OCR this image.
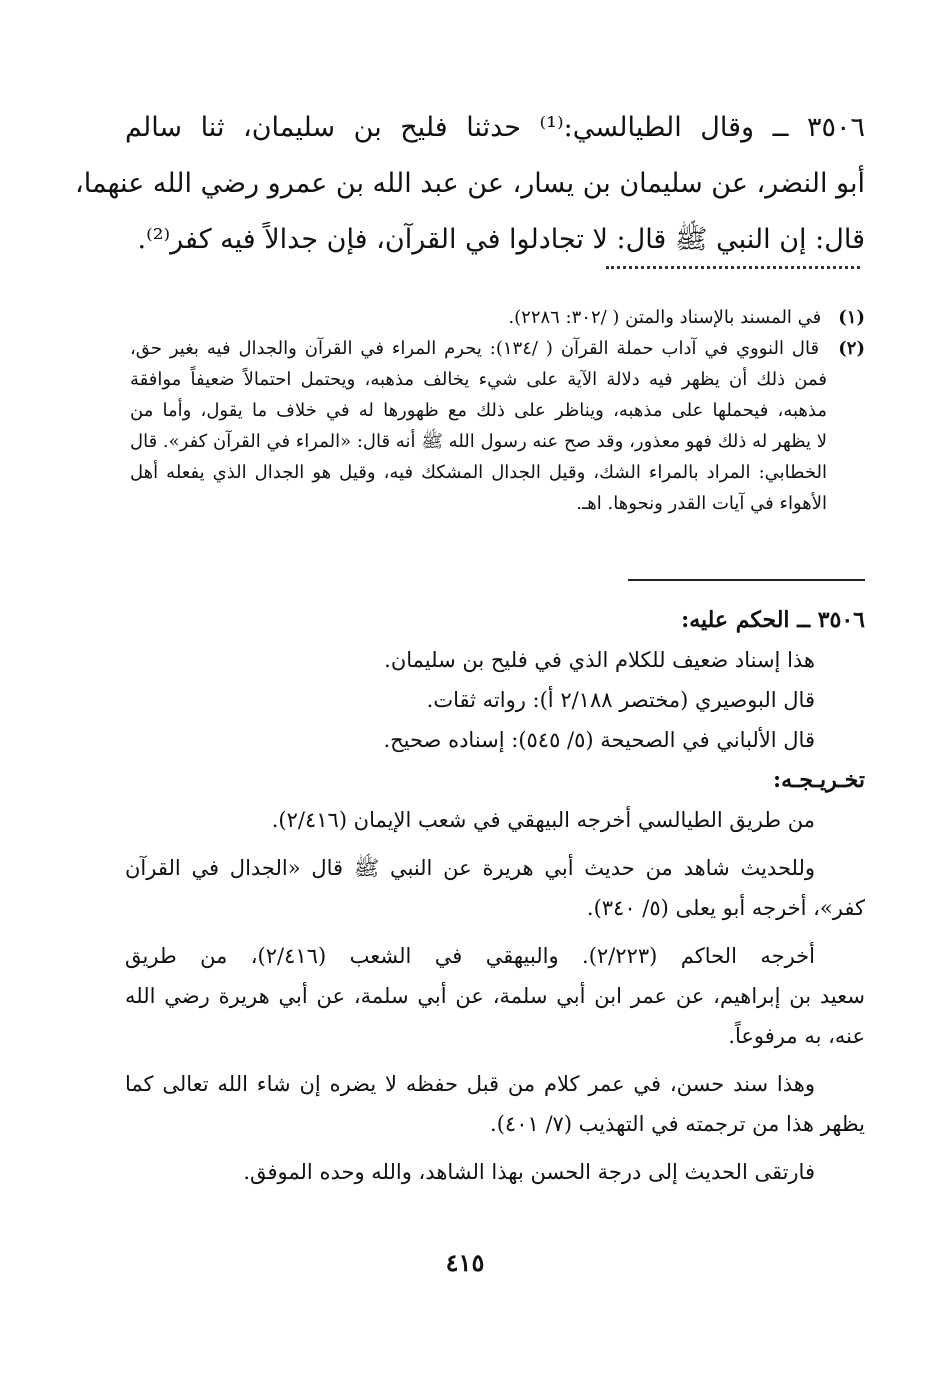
٣٥٠٦ ــ وقال الطيالسي:⁽¹⁾ حدثنا فليح بن سليمان، ثنا سالم

أبو النضر، عن سليمان بن يسار، عن عبد الله بن عمرو رضي الله عنهما،

قال: إن النبي ﷺ قال: لا تجادلوا في القرآن، فإن جدالاً فيه كفر⁽²⁾.

(١) في المسند بالإسناد والمتن ( /٣٠٢: ٢٢٨٦).

(٢) قال النووي في آداب حملة القرآن ( /١٣٤): يحرم المراء في القرآن والجدال فيه بغير حق،

فمن ذلك أن يظهر فيه دلالة الآية على شيء يخالف مذهبه، ويحتمل احتمالاً ضعيفاً موافقة

مذهبه، فيحملها على مذهبه، ويناظر على ذلك مع ظهورها له في خلاف ما يقول، وأما من

لا يظهر له ذلك فهو معذور، وقد صح عنه رسول الله ﷺ أنه قال: «المراء في القرآن كفر». قال

الخطابي: المراد بالمراء الشك، وقيل الجدال المشكك فيه، وقيل هو الجدال الذي يفعله أهل

الأهواء في آيات القدر ونحوها. اهـ.

٣٥٠٦ ــ الحكم عليه:

هذا إسناد ضعيف للكلام الذي في فليح بن سليمان.

قال البوصيري (مختصر ٢/١٨٨ أ): رواته ثقات.

قال الألباني في الصحيحة (٥/ ٥٤٥): إسناده صحيح.

تخـريـجـه:

من طريق الطيالسي أخرجه البيهقي في شعب الإيمان (٢/٤١٦).

وللحديث شاهد من حديث أبي هريرة عن النبي ﷺ قال «الجدال في القرآن

كفر»، أخرجه أبو يعلى (٥/ ٣٤٠).

أخرجه الحاكم (٢/٢٢٣). والبيهقي في الشعب (٢/٤١٦)، من طريق

سعيد بن إبراهيم، عن عمر ابن أبي سلمة، عن أبي سلمة، عن أبي هريرة رضي الله

عنه، به مرفوعاً.

وهذا سند حسن، في عمر كلام من قبل حفظه لا يضره إن شاء الله تعالى كما

يظهر هذا من ترجمته في التهذيب (٧/ ٤٠١).

فارتقى الحديث إلى درجة الحسن بهذا الشاهد، والله وحده الموفق.

٤١٥
